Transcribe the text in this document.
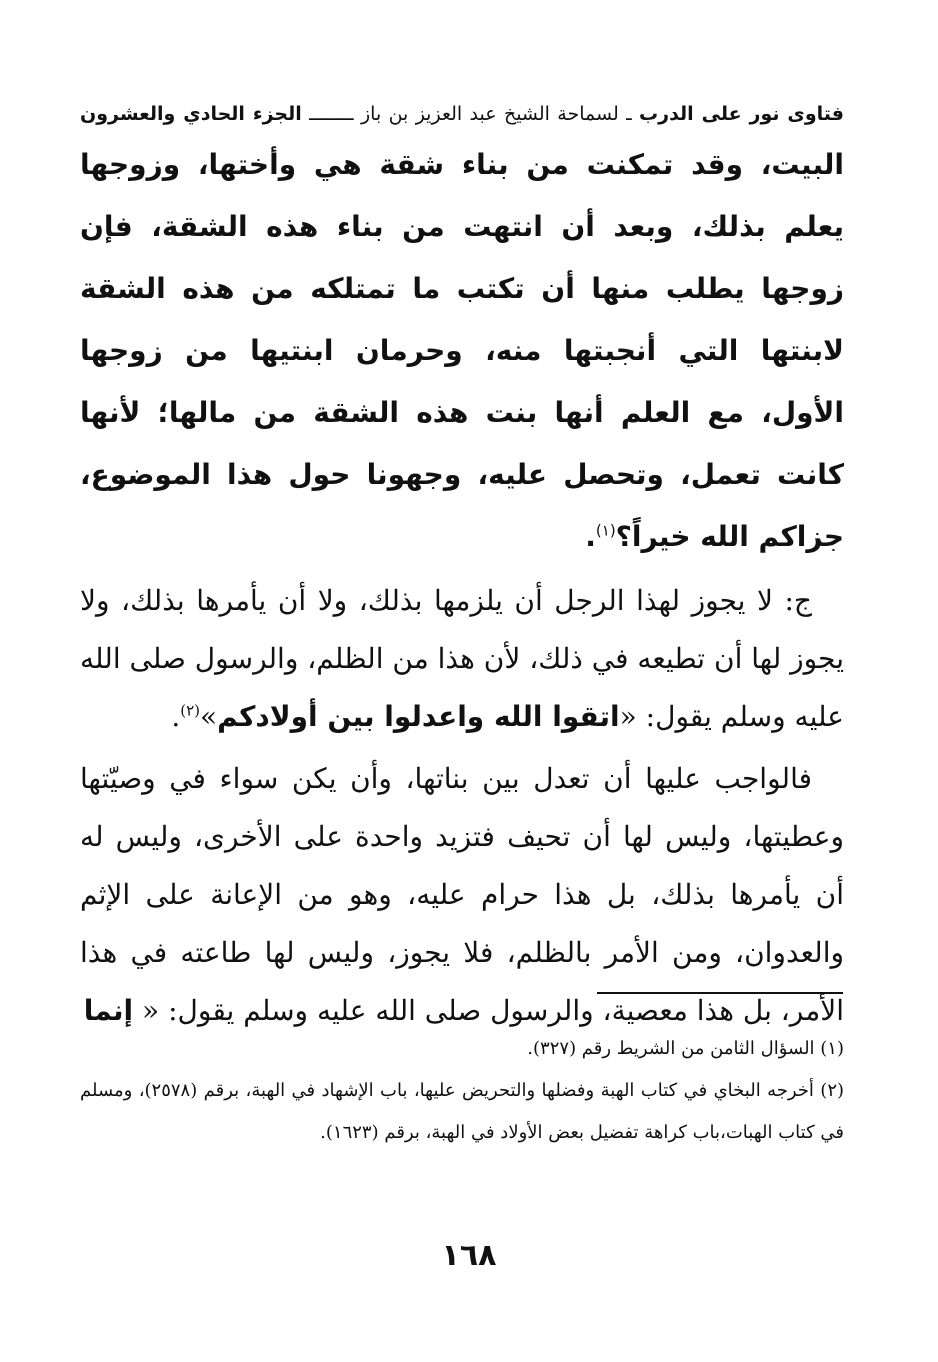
فتاوى نور على الدرب ـ لسماحة الشيخ عبد العزيز بن باز ــــــــ الجزء الحادي والعشرون

البيت، وقد تمكنت من بناء شقة هي وأختها، وزوجها يعلم بذلك، وبعد أن انتهت من بناء هذه الشقة، فإن زوجها يطلب منها أن تكتب ما تمتلكه من هذه الشقة لابنتها التي أنجبتها منه، وحرمان ابنتيها من زوجها الأول، مع العلم أنها بنت هذه الشقة من مالها؛ لأنها كانت تعمل، وتحصل عليه، وجهونا حول هذا الموضوع، جزاكم الله خيراً؟$^{(١)}$.

ج: لا يجوز لهذا الرجل أن يلزمها بذلك، ولا أن يأمرها بذلك، ولا يجوز لها أن تطيعه في ذلك، لأن هذا من الظلم، والرسول صلى الله عليه وسلم يقول: «اتقوا الله واعدلوا بين أولادكم»$^{(٢)}$.

فالواجب عليها أن تعدل بين بناتها، وأن يكن سواء في وصيّتها وعطيتها، وليس لها أن تحيف فتزيد واحدة على الأخرى، وليس له أن يأمرها بذلك، بل هذا حرام عليه، وهو من الإعانة على الإثم والعدوان، ومن الأمر بالظلم، فلا يجوز، وليس لها طاعته في هذا الأمر، بل هذا معصية، والرسول صلى الله عليه وسلم يقول: « إنما

(١) السؤال الثامن من الشريط رقم (٣٢٧).

(٢) أخرجه البخاي في كتاب الهبة وفضلها والتحريض عليها، باب الإشهاد في الهبة، برقم (٢٥٧٨)، ومسلم في كتاب الهبات،باب كراهة تفضيل بعض الأولاد في الهبة، برقم (١٦٢٣).

١٦٨
